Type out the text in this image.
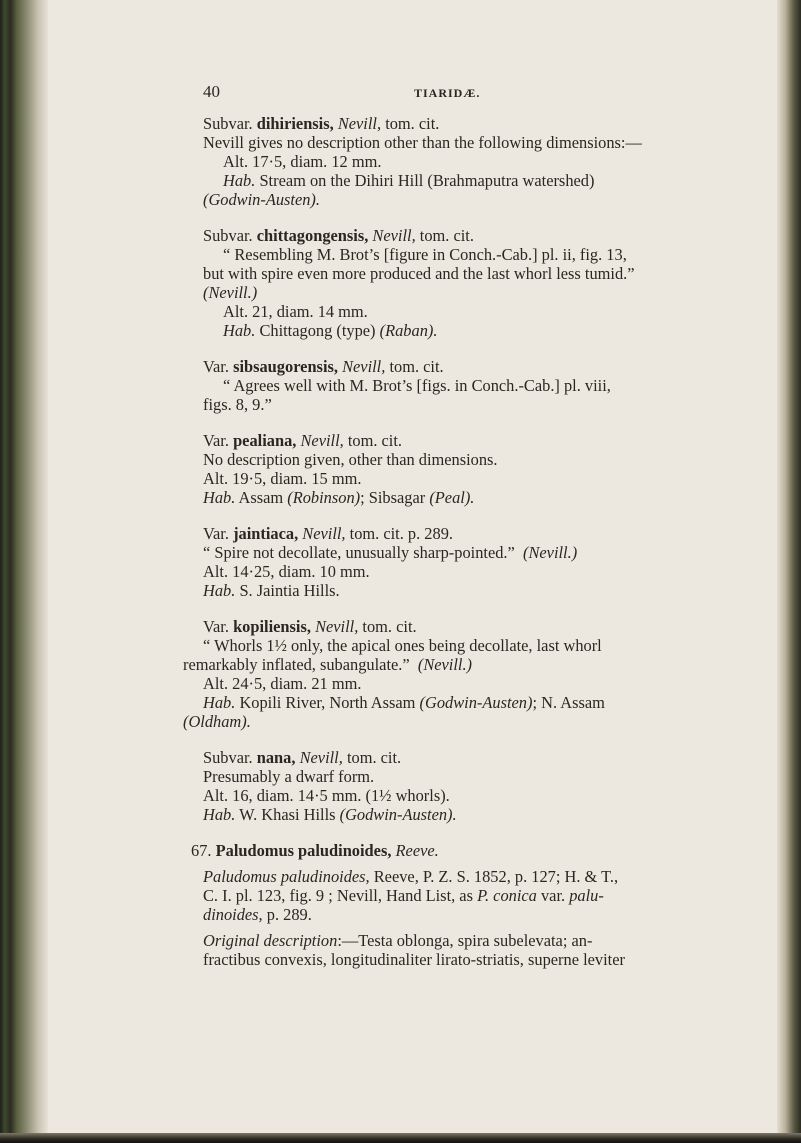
40	TIARIDÆ.
Subvar. dihiriensis, Nevill, tom. cit.
Nevill gives no description other than the following dimensions:—
Alt. 17·5, diam. 12 mm.
Hab. Stream on the Dihiri Hill (Brahmaputra watershed)
(Godwin-Austen).
Subvar. chittagongensis, Nevill, tom. cit.
“ Resembling M. Brot’s [figure in Conch.-Cab.] pl. ii, fig. 13,
but with spire even more produced and the last whorl less tumid.”
(Nevill.)
Alt. 21, diam. 14 mm.
Hab. Chittagong (type) (Raban).
Var. sibsaugorensis, Nevill, tom. cit.
“ Agrees well with M. Brot’s [figs. in Conch.-Cab.] pl. viii,
figs. 8, 9.”
Var. pealiana, Nevill, tom. cit.
No description given, other than dimensions.
Alt. 19·5, diam. 15 mm.
Hab. Assam (Robinson); Sibsagar (Peal).
Var. jaintiaca, Nevill, tom. cit. p. 289.
“ Spire not decollate, unusually sharp-pointed.” (Nevill.)
Alt. 14·25, diam. 10 mm.
Hab. S. Jaintia Hills.
Var. kopiliensis, Nevill, tom. cit.
“ Whorls 1½ only, the apical ones being decollate, last whorl
remarkably inflated, subangulate.” (Nevill.)
Alt. 24·5, diam. 21 mm.
Hab. Kopili River, North Assam (Godwin-Austen); N. Assam
(Oldham).
Subvar. nana, Nevill, tom. cit.
Presumably a dwarf form.
Alt. 16, diam. 14·5 mm. (1½ whorls).
Hab. W. Khasi Hills (Godwin-Austen).
67. Paludomus paludinoides, Reeve.
Paludomus paludinoides, Reeve, P. Z. S. 1852, p. 127; H. & T.,
C. I. pl. 123, fig. 9 ; Nevill, Hand List, as P. conica var. palu-
dinoides, p. 289.
Original description:—Testa oblonga, spira subelevata; an-
fractibus convexis, longitudinaliter lirato-striatis, superne leviter
